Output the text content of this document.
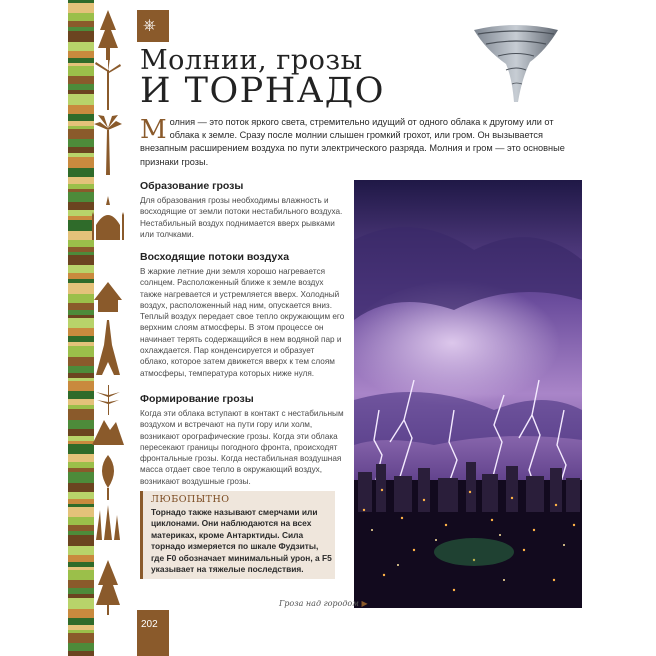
⎈
Молнии, грозы
И ТОРНАДО
Молния — это поток яркого света, стремительно идущий от одного облака к другому или от облака к земле. Сразу после молнии слышен громкий грохот, или гром. Он вызывается внезапным расширением воздуха по пути электрического разряда. Молния и гром — это основные признаки грозы.
Образование грозы
Для образования грозы необходимы влажность и восходящие от земли потоки нестабильного воздуха. Нестабильный воздух поднимается вверх рывками или толчками.
Восходящие потоки воздуха
В жаркие летние дни земля хорошо нагревается солнцем. Расположенный ближе к земле воздух также нагревается и устремляется вверх. Холодный воздух, расположенный над ним, опускается вниз. Теплый воздух передает свое тепло окружающим его верхним слоям атмосферы. В этом процессе он начинает терять содержащийся в нем водяной пар и охлаждается. Пар конденсируется и образует облако, которое затем движется вверх к тем слоям атмосферы, температура которых ниже нуля.
Формирование грозы
Когда эти облака вступают в контакт с нестабильным воздухом и встречают на пути гору или холм, возникают орографические грозы. Когда эти облака пересекают границы погодного фронта, происходят фронтальные грозы. Когда нестабильная воздушная масса отдает свое тепло в окружающий воздух, возникают воздушные грозы.
ЛЮБОПЫТНО
Торнадо также называют смерчами или циклонами. Они наблюдаются на всех материках, кроме Антарктиды. Сила торнадо измеряется по шкале Фудзиты, где F0 обозначает минимальный урон, а F5 указывает на тяжелые последствия.
Гроза над городом ▶
202
